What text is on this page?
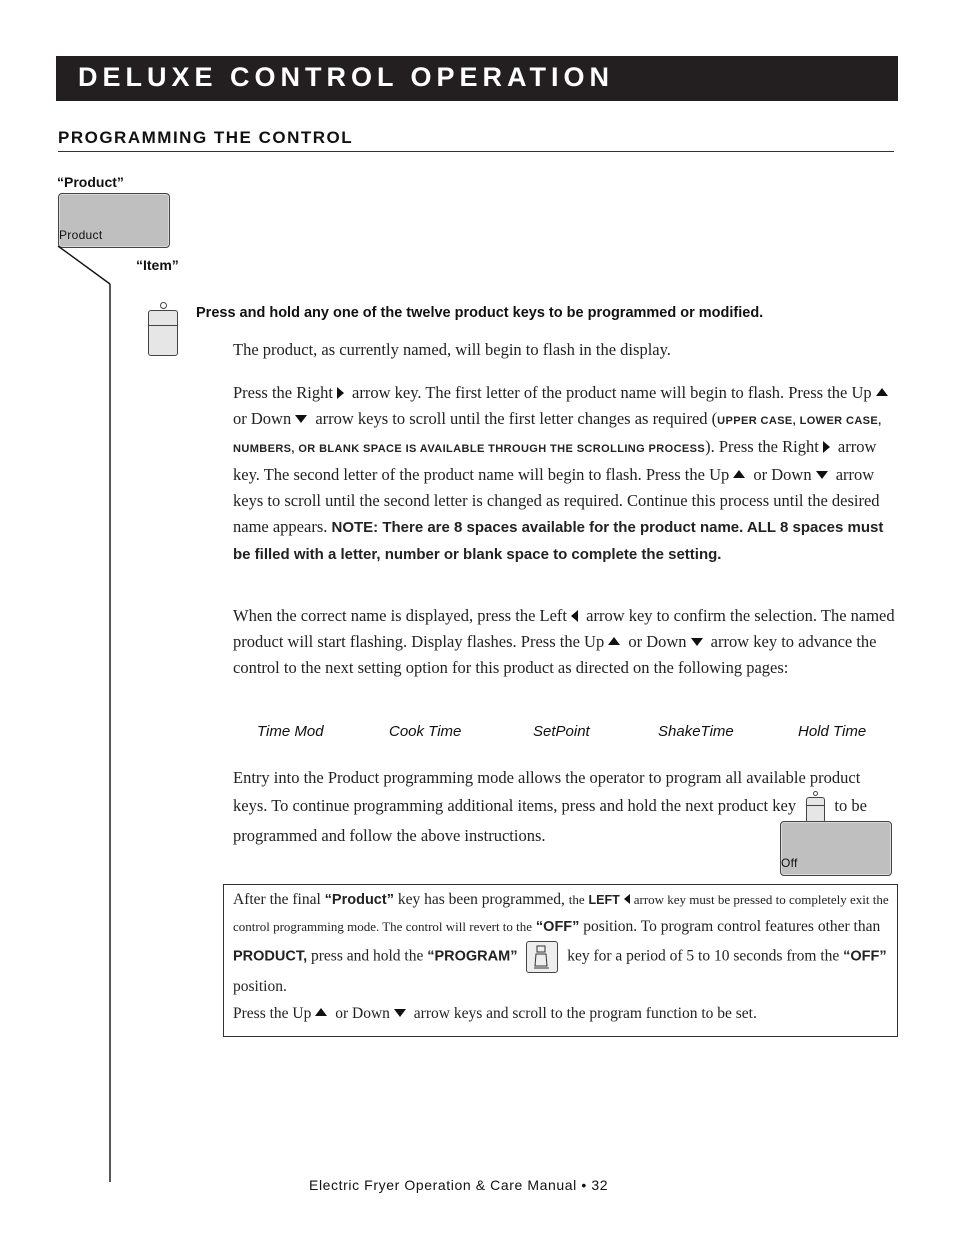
DELUXE CONTROL OPERATION
PROGRAMMING THE CONTROL
“Product”
Product
“Item”
Press and hold any one of the twelve product keys to be programmed or modified.
The product, as currently named, will begin to flash in the display.
Press the Right arrow key. The first letter of the product name will begin to flash. Press the Up or Down arrow keys to scroll until the first letter changes as required (UPPER CASE, LOWER CASE, NUMBERS, OR BLANK SPACE IS AVAILABLE THROUGH THE SCROLLING PROCESS). Press the Right arrow key. The second letter of the product name will begin to flash. Press the Up or Down arrow keys to scroll until the second letter is changed as required. Continue this process until the desired name appears. NOTE: There are 8 spaces available for the product name. ALL 8 spaces must be filled with a letter, number or blank space to complete the setting.
When the correct name is displayed, press the Left arrow key to confirm the selection. The named product will start flashing. Display flashes. Press the Up or Down arrow key to advance the control to the next setting option for this product as directed on the following pages:
Time Mod	Cook Time	SetPoint	ShakeTime	Hold Time
Entry into the Product programming mode allows the operator to program all available product keys. To continue programming additional items, press and hold the next product key to be programmed and follow the above instructions.
Off
After the final “Product” key has been programmed, the LEFT arrow key must be pressed to completely exit the control programming mode. The control will revert to the “OFF” position. To program control features other than PRODUCT, press and hold the “PROGRAM”	key for a period of 5 to 10 seconds from the “OFF” position.
Press the Up or Down arrow keys and scroll to the program function to be set.
Electric Fryer Operation & Care Manual • 32
